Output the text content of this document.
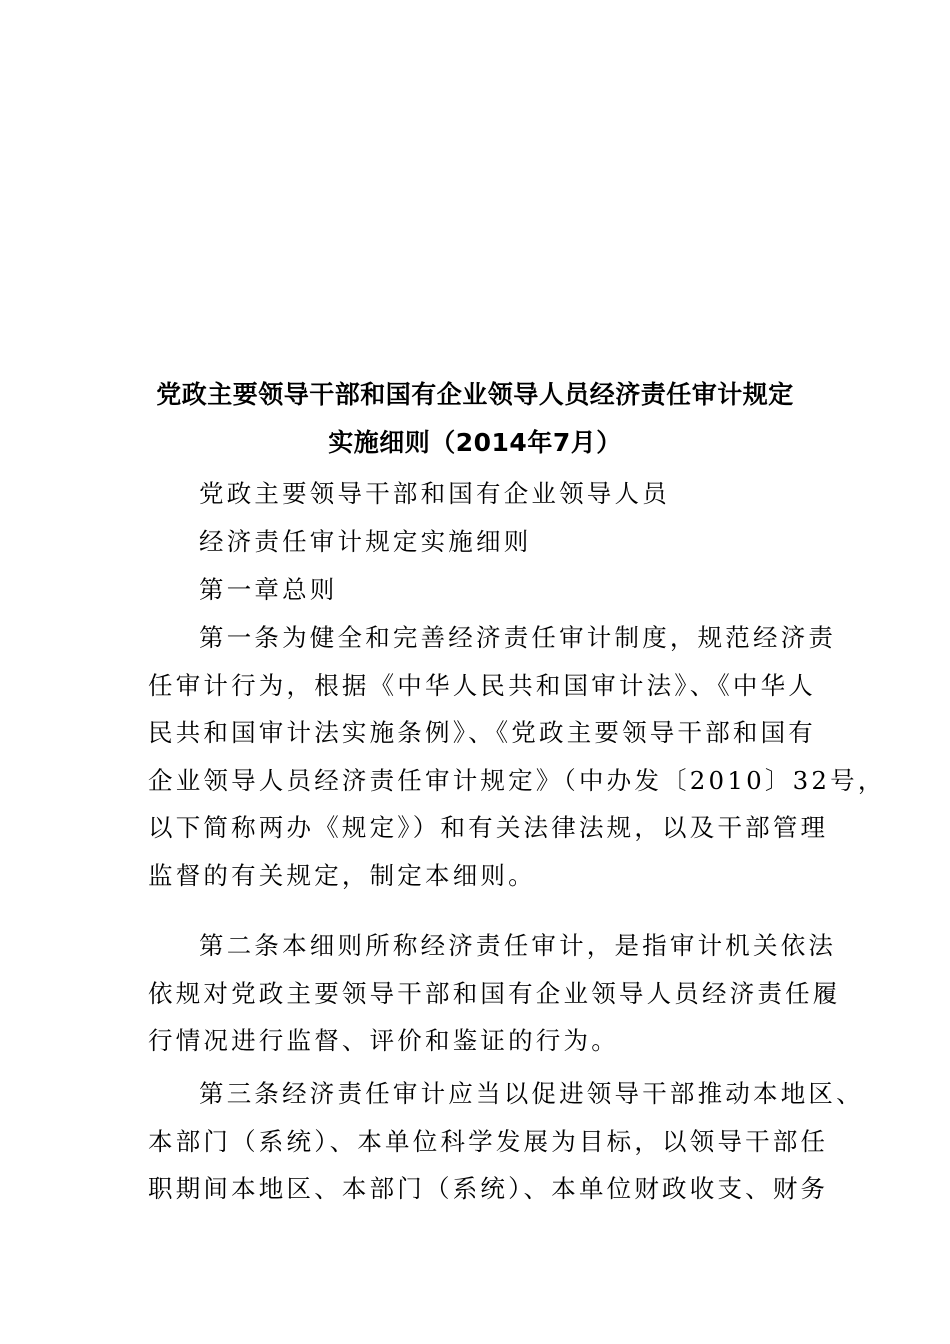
党政主要领导干部和国有企业领导人员经济责任审计规定
实施细则（2014年7月）

党政主要领导干部和国有企业领导人员

经济责任审计规定实施细则

第一章总则

第一条为健全和完善经济责任审计制度，规范经济责
任审计行为，根据《中华人民共和国审计法》、《中华人
民共和国审计法实施条例》、《党政主要领导干部和国有
企业领导人员经济责任审计规定》（中办发〔2010〕32号，
以下简称两办《规定》）和有关法律法规，以及干部管理
监督的有关规定，制定本细则。
第二条本细则所称经济责任审计，是指审计机关依法
依规对党政主要领导干部和国有企业领导人员经济责任履
行情况进行监督、评价和鉴证的行为。
第三条经济责任审计应当以促进领导干部推动本地区、
本部门（系统）、本单位科学发展为目标，以领导干部任
职期间本地区、本部门（系统）、本单位财政收支、财务
